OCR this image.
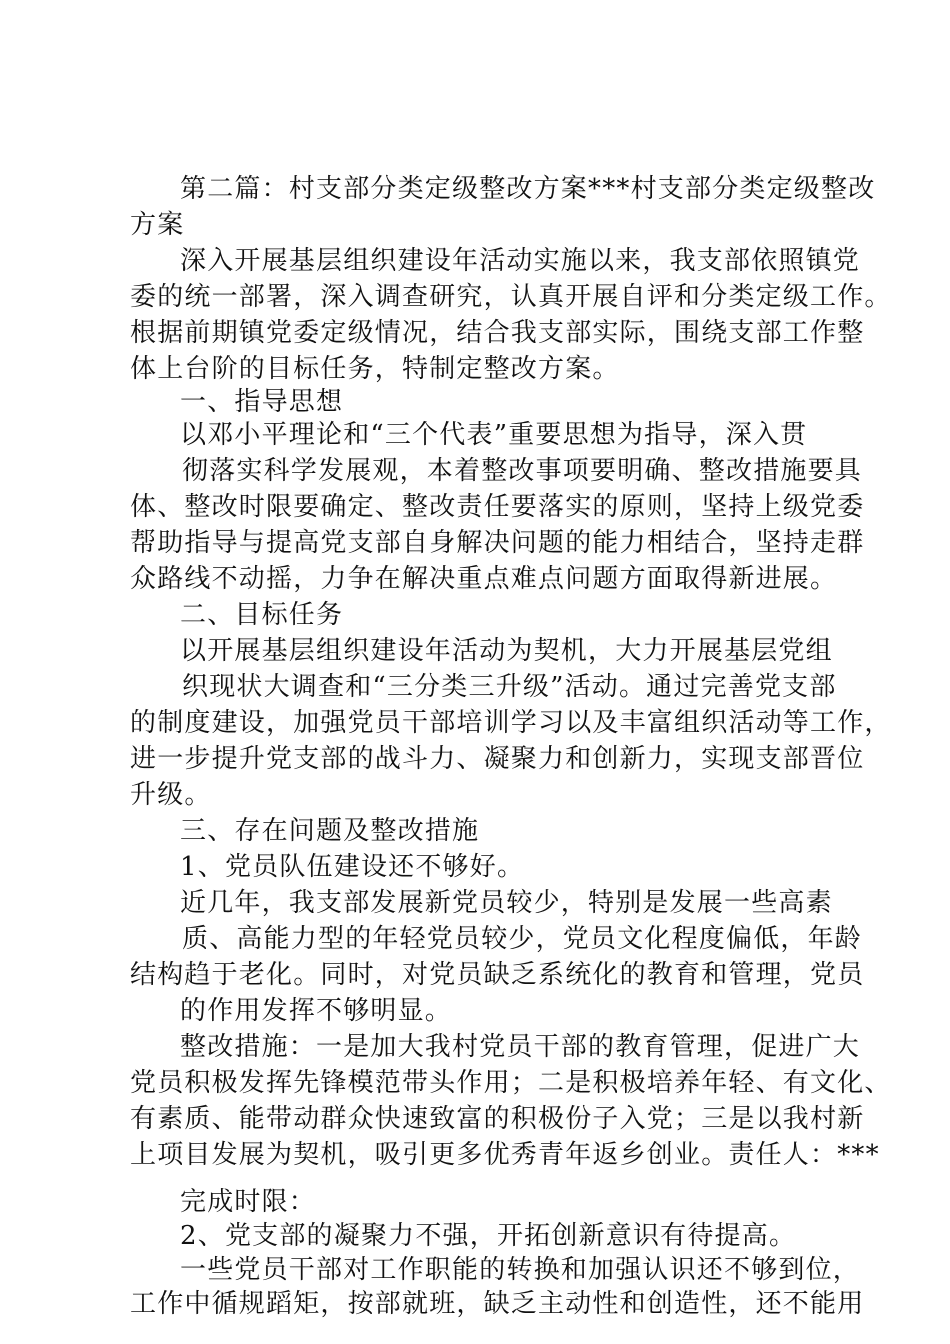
第二篇：村支部分类定级整改方案***村支部分类定级整改

方案

深入开展基层组织建设年活动实施以来，我支部依照镇党

委的统一部署，深入调查研究，认真开展自评和分类定级工作。

根据前期镇党委定级情况，结合我支部实际，围绕支部工作整

体上台阶的目标任务，特制定整改方案。

一、指导思想

以邓小平理论和“三个代表”重要思想为指导，深入贯

彻落实科学发展观，本着整改事项要明确、整改措施要具

体、整改时限要确定、整改责任要落实的原则，坚持上级党委

帮助指导与提高党支部自身解决问题的能力相结合，坚持走群

众路线不动摇，力争在解决重点难点问题方面取得新进展。

二、目标任务

以开展基层组织建设年活动为契机，大力开展基层党组

织现状大调查和“三分类三升级”活动。通过完善党支部

的制度建设，加强党员干部培训学习以及丰富组织活动等工作，

进一步提升党支部的战斗力、凝聚力和创新力，实现支部晋位

升级。

三、存在问题及整改措施

1、党员队伍建设还不够好。

近几年，我支部发展新党员较少，特别是发展一些高素

质、高能力型的年轻党员较少，党员文化程度偏低，年龄

结构趋于老化。同时，对党员缺乏系统化的教育和管理，党员

的作用发挥不够明显。

整改措施：一是加大我村党员干部的教育管理，促进广大

党员积极发挥先锋模范带头作用；二是积极培养年轻、有文化、

有素质、能带动群众快速致富的积极份子入党；三是以我村新

上项目发展为契机，吸引更多优秀青年返乡创业。责任人：***

完成时限：

2、党支部的凝聚力不强，开拓创新意识有待提高。

一些党员干部对工作职能的转换和加强认识还不够到位，

工作中循规蹈矩，按部就班，缺乏主动性和创造性，还不能用
